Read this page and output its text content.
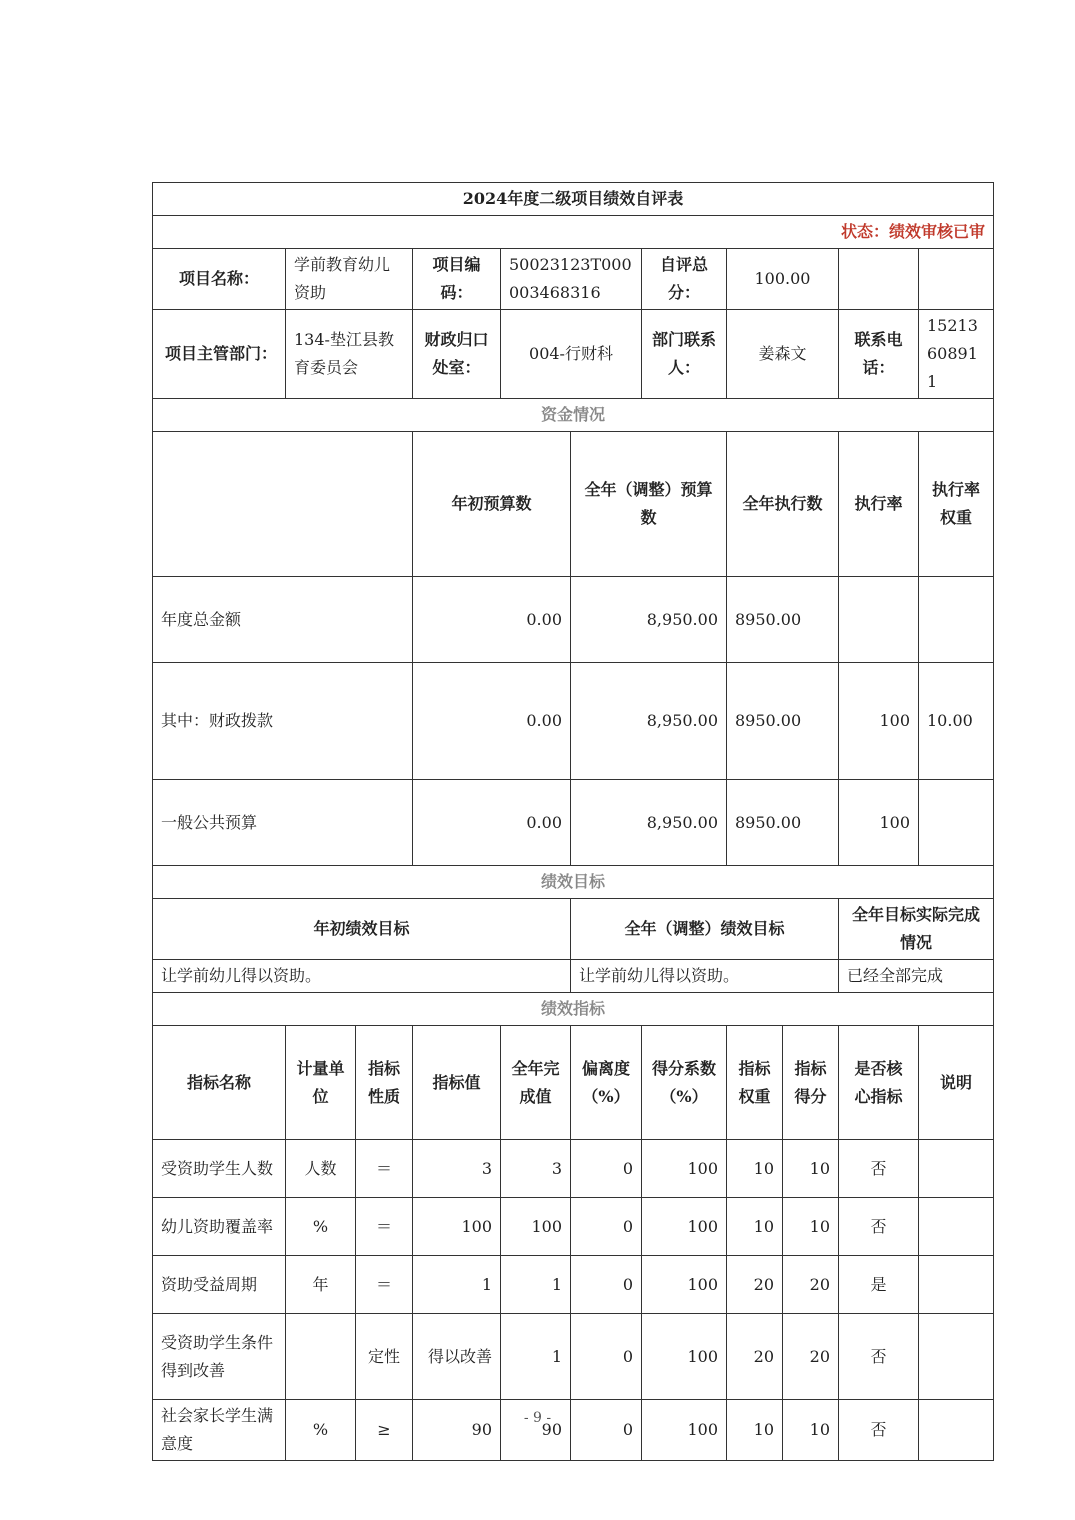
2024年度二级项目绩效自评表											
状态：绩效审核已审											
项目名称：	学前教育幼儿资助		项目编码：	50023123T000003468316		自评总分：	100.00				
项目主管部门：	134-垫江县教育委员会		财政归口处室：	004-行财科		部门联系人：	姜森文		联系电话：	15213608911	
资金情况											
			年初预算数		全年（调整）预算数		全年执行数		执行率	执行率权重	
年度总金额			0.00		8,950.00		8950.00				
其中：财政拨款			0.00		8,950.00		8950.00		100	10.00	
一般公共预算			0.00		8,950.00		8950.00		100		
绩效目标											
年初绩效目标					全年（调整）绩效目标				全年目标实际完成情况		
让学前幼儿得以资助。					让学前幼儿得以资助。				已经全部完成		
绩效指标											
指标名称	计量单位	指标性质	指标值	全年完成值	偏离度（%）	得分系数（%）	指标权重	指标得分	是否核心指标	说明	
受资助学生人数	人数	＝	3	3	0	100	10	10	否		
幼儿资助覆盖率	%	＝	100	100	0	100	10	10	否		
资助受益周期	年	＝	1	1	0	100	20	20	是		
受资助学生条件得到改善		定性	得以改善	1	0	100	20	20	否		
社会家长学生满意度	%	≥	90	90	0	100	10	10	否		
- 9 -
